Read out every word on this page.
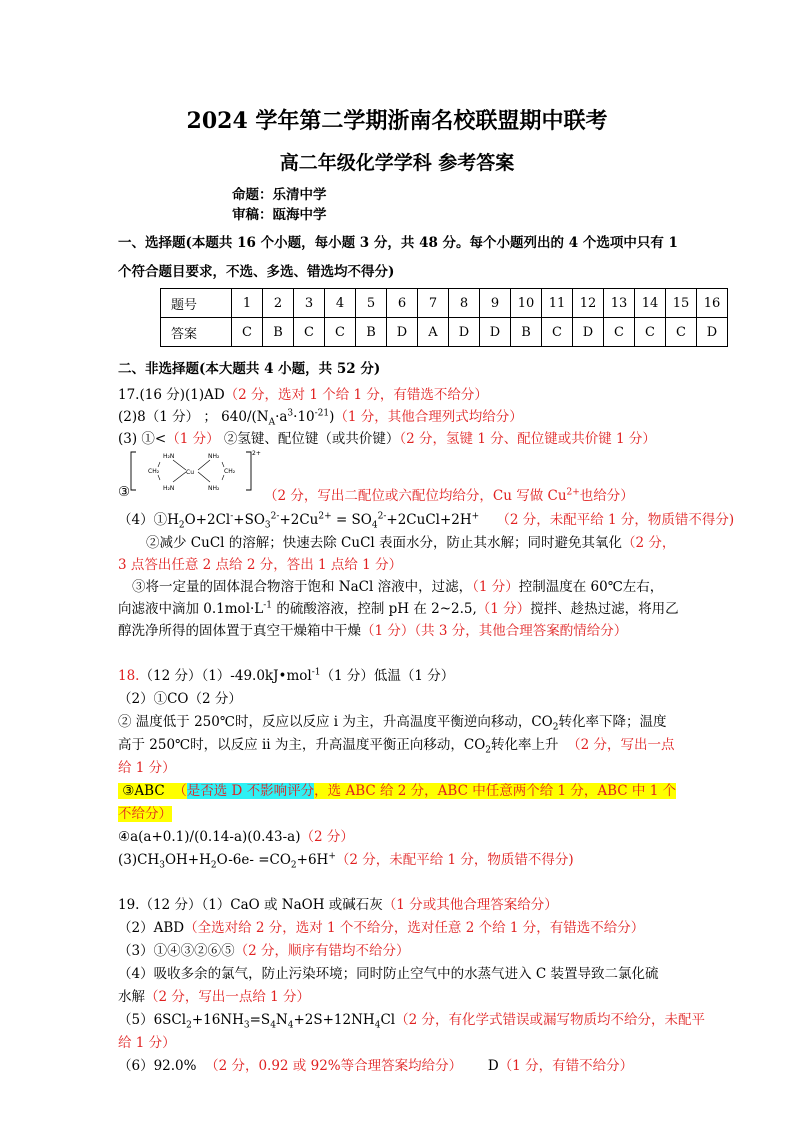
2024 学年第二学期浙南名校联盟期中联考
高二年级化学学科 参考答案
命题：乐清中学
审稿：瓯海中学
一、选择题(本题共 16 个小题，每小题 3 分，共 48 分。每个小题列出的 4 个选项中只有 1
个符合题目要求，不选、多选、错选均不得分)
题号	1	2	3	4	5	6	7	8	9	10	11	12	13	14	15	16
答案	C	B	C	C	B	D	A	D	D	B	C	D	C	C	C	D
二、非选择题(本大题共 4 小题，共 52 分)
17.(16 分)(1)AD（2 分，选对 1 个给 1 分，有错选不给分）
(2)8（1 分） ； $640/(N_A\cdot a^3\cdot 10^{-21})(1$ 分，其他合理列式均给分）
(3) ①<（1 分） ②氢键、配位键（或共价键）（2 分，氢键 1 分、配位键或共价键 1 分）
H₂N	NH₂
CH₂	CH₂
Cu
H₂N	NH₂
2+
③	（2 分，写出二配位或六配位均给分，Cu 写做 $Cu^{2+}$也给分）
$(4)①H_2O+2Cl^-+SO_3^{2-}+2Cu^{2+}$ = $SO_4^{2-}+2CuCl+2H^+$ （2 分，未配平给 1 分，物质错不得分)
②减少 CuCl 的溶解；快速去除 CuCl 表面水分，防止其水解；同时避免其氧化（2 分，
3 点答出任意 2 点给 2 分，答出 1 点给 1 分）
③将一定量的固体混合物溶于饱和 NaCl 溶液中，过滤，（1 分）控制温度在 60℃左右，
向滤液中滴加 $0.1mol\cdot L^{-1}$ 的硫酸溶液，控制 pH 在 2~2.5,（1 分）搅拌、趁热过滤，将用乙
醇洗净所得的固体置于真空干燥箱中干燥（1 分）（共 3 分，其他合理答案酌情给分）
18.（12 分）（1）-49.0kJ•mol$^{-1}$（1 分）低温（1 分）
（2）①CO（2 分）
② 温度低于 250℃时，反应以反应 i 为主，升高温度平衡逆向移动，$CO_2$转化率下降；温度
高于 250℃时，以反应 ii 为主，升高温度平衡正向移动，$CO_2$转化率上升 （2 分，写出一点
给 1 分）
③ABC （是否选 D 不影响评分，选 ABC 给 2 分，ABC 中任意两个给 1 分，ABC 中 1 个
不给分）
④a(a+0.1)/(0.14-a)(0.43-a)（2 分）
$(3)CH_3OH+H_2O-6e- =CO_2+6H^+(2$ 分，未配平给 1 分，物质错不得分)
19.（12 分）（1）CaO 或 NaOH 或碱石灰（1 分或其他合理答案给分）
（2）ABD（全选对给 2 分，选对 1 个不给分，选对任意 2 个给 1 分，有错选不给分）
（3）①④③②⑥⑤（2 分，顺序有错均不给分）
（4）吸收多余的氯气，防止污染环境；同时防止空气中的水蒸气进入 C 装置导致二氯化硫
水解（2 分，写出一点给 1 分）
$(5)6SCl_2+16NH_3=S_4N_4+2S+12NH_4Cl(2$ 分，有化学式错误或漏写物质均不给分，未配平
给 1 分）
（6）92.0% （2 分，0.92 或 92%等合理答案均给分） D（1 分，有错不给分）
